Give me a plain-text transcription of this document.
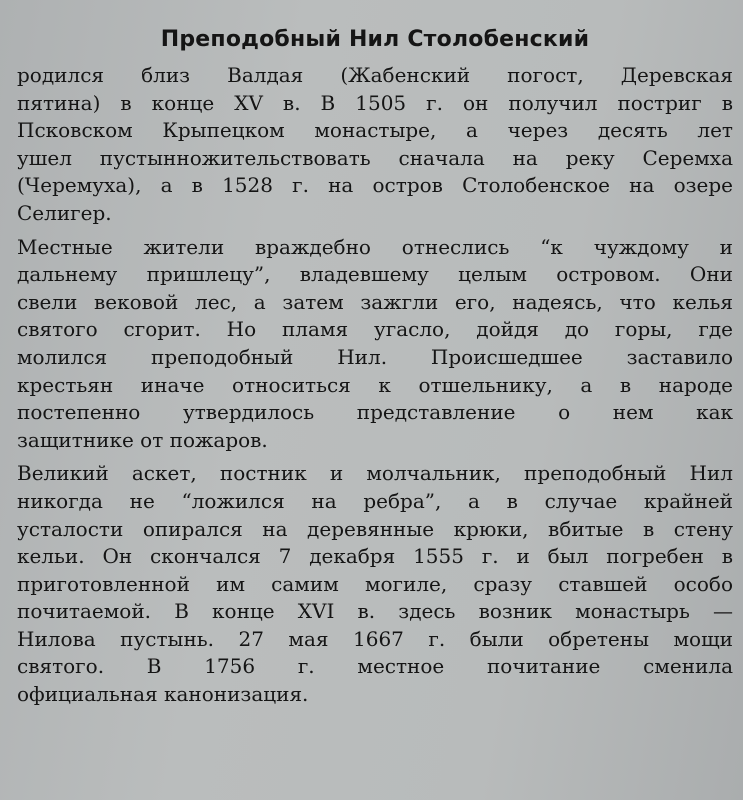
Преподобный Нил Столобенский
родился близ Валдая (Жабенский погост, Деревская
пятина) в конце XV в. В 1505 г. он получил постриг в
Псковском Крыпецком монастыре, а через десять лет
ушел пустынножительствовать сначала на реку Серемха
(Черемуха), а в 1528 г. на остров Столобенское на озере
Селигер.
Местные жители враждебно отнеслись “к чуждому и
дальнему пришлецу”, владевшему целым островом. Они
свели вековой лес, а затем зажгли его, надеясь, что келья
святого сгорит. Но пламя угасло, дойдя до горы, где
молился преподобный Нил. Происшедшее заставило
крестьян иначе относиться к отшельнику, а в народе
постепенно утвердилось представление о нем как
защитнике от пожаров.
Великий аскет, постник и молчальник, преподобный Нил
никогда не “ложился на ребра”, а в случае крайней
усталости опирался на деревянные крюки, вбитые в стену
кельи. Он скончался 7 декабря 1555 г. и был погребен в
приготовленной им самим могиле, сразу ставшей особо
почитаемой. В конце XVI в. здесь возник монастырь —
Нилова пустынь. 27 мая 1667 г. были обретены мощи
святого. В 1756 г. местное почитание сменила
официальная канонизация.
